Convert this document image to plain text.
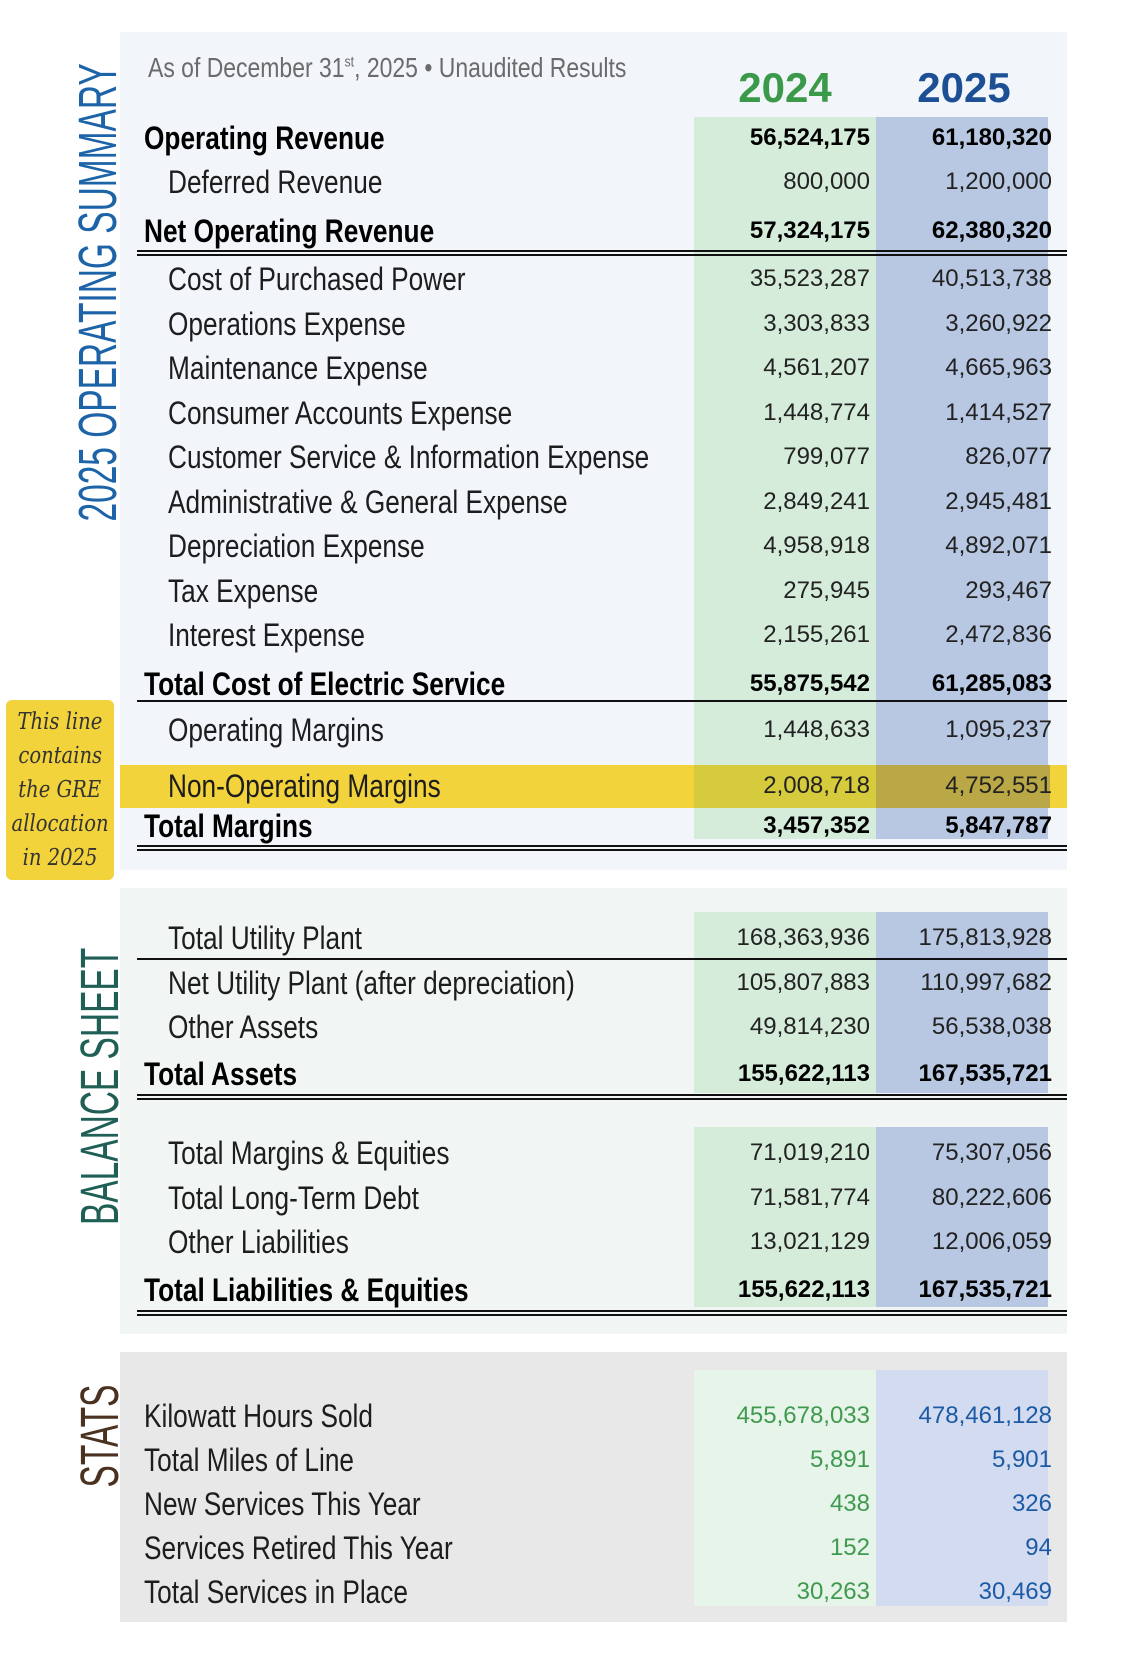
2025 OPERATING SUMMARY
BALANCE SHEET
STATS
As of December 31st, 2025 • Unaudited Results	2024	2025
This line
contains
the GRE
allocation
in 2025
Operating Revenue	56,524,175	61,180,320
Deferred Revenue	800,000	1,200,000
Net Operating Revenue	57,324,175	62,380,320
Cost of Purchased Power	35,523,287	40,513,738
Operations Expense	3,303,833	3,260,922
Maintenance Expense	4,561,207	4,665,963
Consumer Accounts Expense	1,448,774	1,414,527
Customer Service & Information Expense	799,077	826,077
Administrative & General Expense	2,849,241	2,945,481
Depreciation Expense	4,958,918	4,892,071
Tax Expense	275,945	293,467
Interest Expense	2,155,261	2,472,836
Total Cost of Electric Service	55,875,542	61,285,083
Operating Margins	1,448,633	1,095,237
Non-Operating Margins	2,008,718	4,752,551
Total Margins	3,457,352	5,847,787
Total Utility Plant	168,363,936	175,813,928
Net Utility Plant (after depreciation)	105,807,883	110,997,682
Other Assets	49,814,230	56,538,038
Total Assets	155,622,113	167,535,721
Total Margins & Equities	71,019,210	75,307,056
Total Long-Term Debt	71,581,774	80,222,606
Other Liabilities	13,021,129	12,006,059
Total Liabilities & Equities	155,622,113	167,535,721
Kilowatt Hours Sold	455,678,033	478,461,128
Total Miles of Line	5,891	5,901
New Services This Year	438	326
Services Retired This Year	152	94
Total Services in Place	30,263	30,469
